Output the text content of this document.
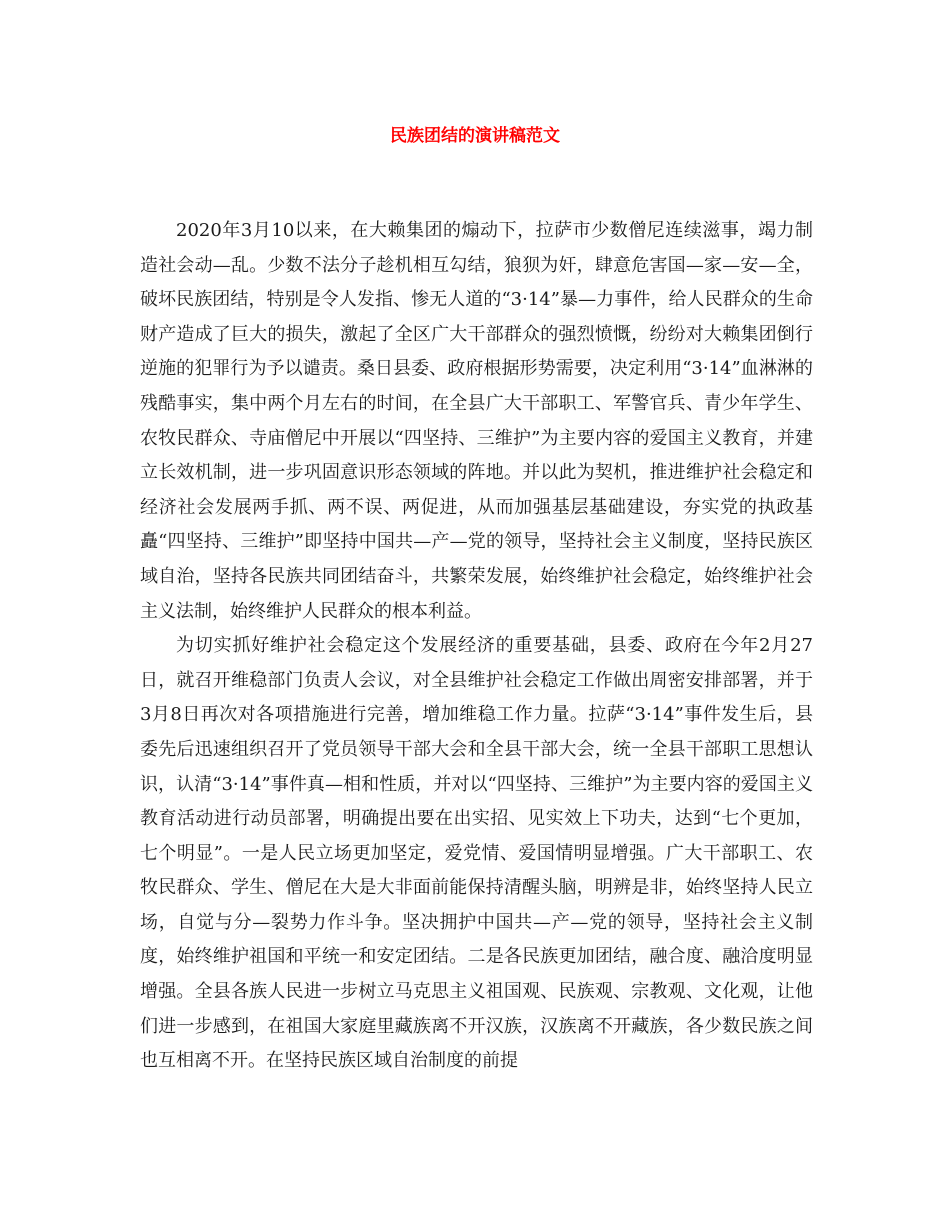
民族团结的演讲稿范文

2020年3月10以来，在大赖集团的煽动下，拉萨市少数僧尼连续滋事，竭力制造社会动—乱。少数不法分子趁机相互勾结，狼狈为奸，肆意危害国—家—安—全，破坏民族团结，特别是令人发指、惨无人道的“3·14”暴—力事件，给人民群众的生命财产造成了巨大的损失，激起了全区广大干部群众的强烈愤慨，纷纷对大赖集团倒行逆施的犯罪行为予以谴责。桑日县委、政府根据形势需要，决定利用“3·14”血淋淋的残酷事实，集中两个月左右的时间，在全县广大干部职工、军警官兵、青少年学生、农牧民群众、寺庙僧尼中开展以“四坚持、三维护”为主要内容的爱国主义教育，并建立长效机制，进一步巩固意识形态领域的阵地。并以此为契机，推进维护社会稳定和经济社会发展两手抓、两不误、两促进，从而加强基层基础建设，夯实党的执政基矗“四坚持、三维护”即坚持中国共—产—党的领导，坚持社会主义制度，坚持民族区域自治，坚持各民族共同团结奋斗，共繁荣发展，始终维护社会稳定，始终维护社会主义法制，始终维护人民群众的根本利益。

为切实抓好维护社会稳定这个发展经济的重要基础，县委、政府在今年2月27日，就召开维稳部门负责人会议，对全县维护社会稳定工作做出周密安排部署，并于3月8日再次对各项措施进行完善，增加维稳工作力量。拉萨“3·14”事件发生后，县委先后迅速组织召开了党员领导干部大会和全县干部大会，统一全县干部职工思想认识，认清“3·14”事件真—相和性质，并对以“四坚持、三维护”为主要内容的爱国主义教育活动进行动员部署，明确提出要在出实招、见实效上下功夫，达到“七个更加，七个明显”。一是人民立场更加坚定，爱党情、爱国情明显增强。广大干部职工、农牧民群众、学生、僧尼在大是大非面前能保持清醒头脑，明辨是非，始终坚持人民立场，自觉与分—裂势力作斗争。坚决拥护中国共—产—党的领导，坚持社会主义制度，始终维护祖国和平统一和安定团结。二是各民族更加团结，融合度、融洽度明显增强。全县各族人民进一步树立马克思主义祖国观、民族观、宗教观、文化观，让他们进一步感到，在祖国大家庭里藏族离不开汉族，汉族离不开藏族，各少数民族之间也互相离不开。在坚持民族区域自治制度的前提
